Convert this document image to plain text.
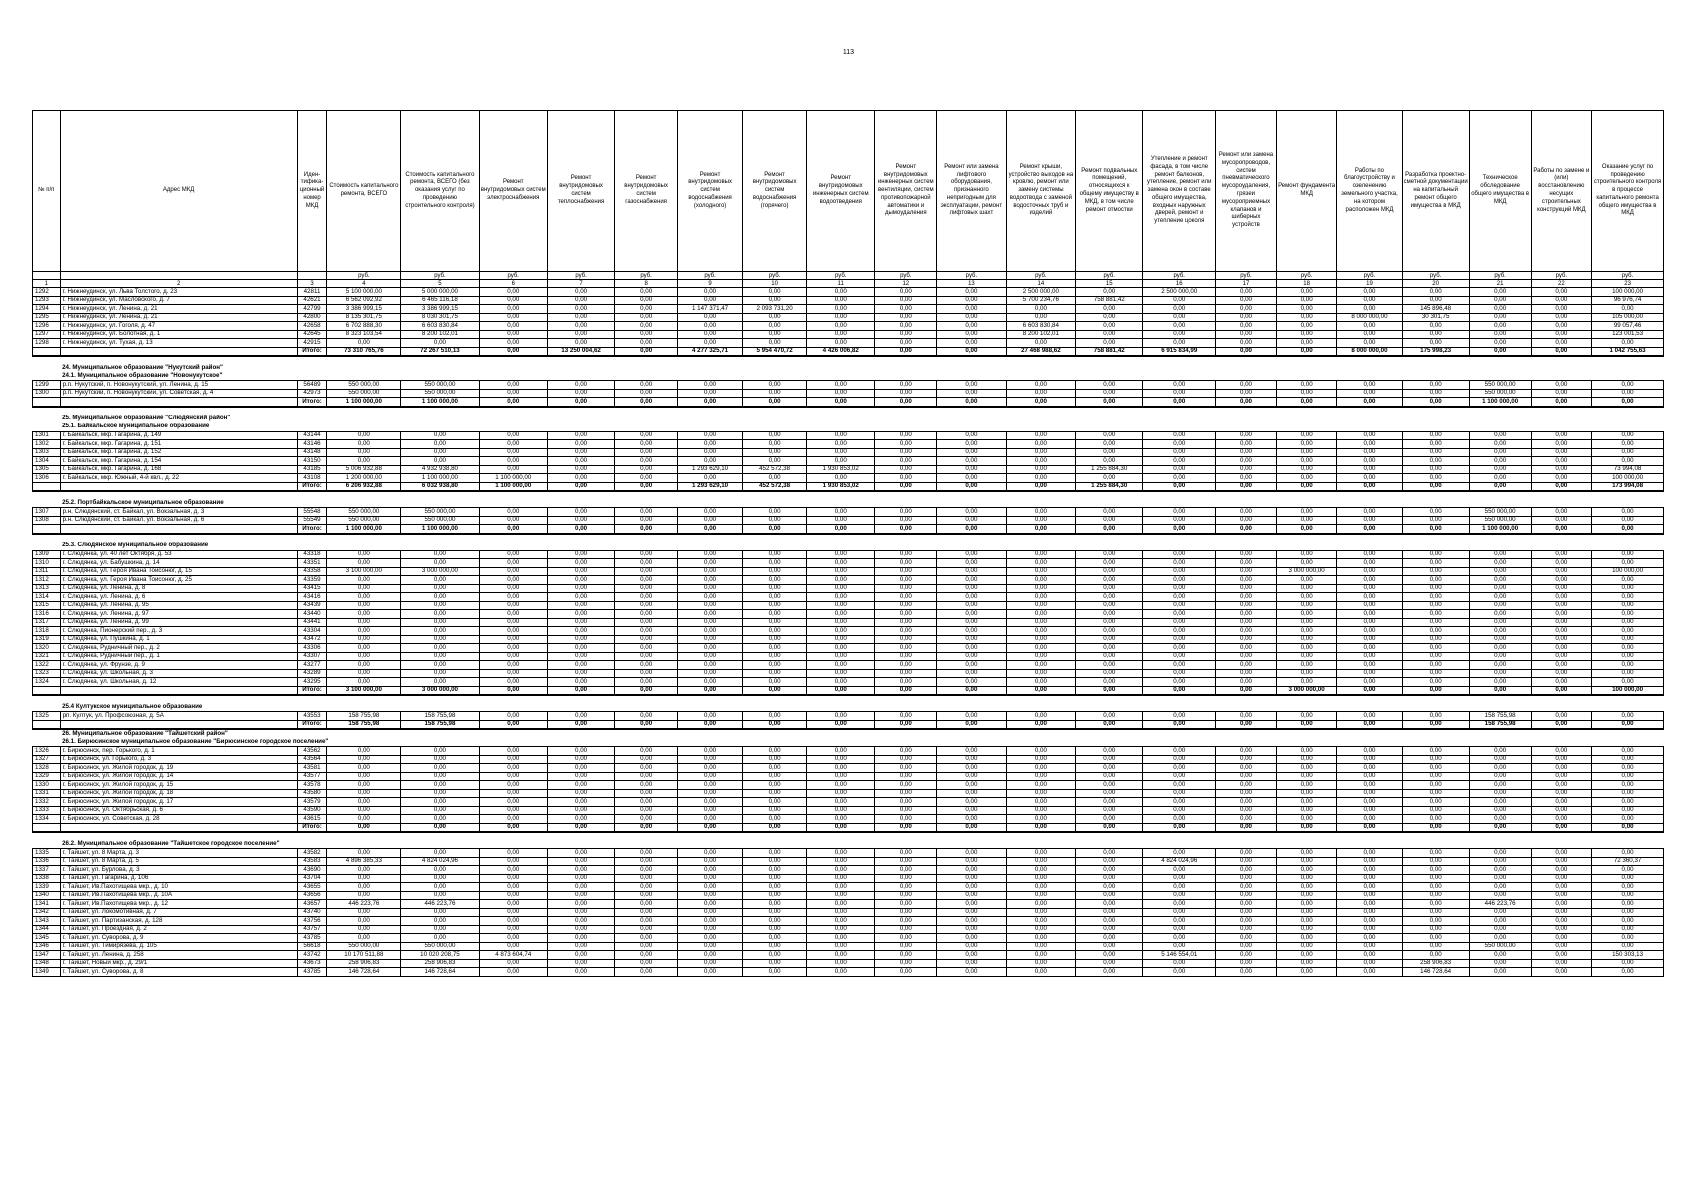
113
№ п/п	Адрес МКД	Идентификационный номер МКД	Стоимость капитального ремонта, ВСЕГО	Стоимость капитального ремонта, ВСЕГО (без оказания услуг по проведению строительного контроля)	Ремонт внутридомовых систем электроснабжения	Ремонт внутридомовых систем теплоснабжения	Ремонт внутридомовых систем газоснабжения	Ремонт внутридомовых систем водоснабжения (холодного)	Ремонт внутридомовых систем водоснабжения (горячего)	Ремонт внутридомовых инженерных систем водоотведения	Ремонт внутридомовых инженерных систем вентиляции, систем противопожарной автоматики и дымоудаления	Ремонт или замена лифтового оборудования, признанного непригодным для эксплуатации, ремонт лифтовых шахт	Ремонт крыши, устройство выходов на кровлю, ремонт или замену системы водоотвода с заменой водосточных труб и изделий	Ремонт подвальных помещений, относящихся к общему имуществу в МКД, в том числе ремонт отмостки	Утепление и ремонт фасада, в том числе ремонт балконов, утепление, ремонт или замена окон в составе общего имущества, входных наружных дверей, ремонт и утепление цоколя	Ремонт или замена мусоропроводов, систем пневматического мусороудаления, грязеи мусороприемных клапанов и шиберных устройств	Ремонт фундамента МКД	Работы по благоустройству и озеленению земельного участка, на котором расположен МКД	Разработка проектно-сметной документации на капитальный ремонт общего имущества в МКД	Техническое обследование общего имущества в МКД	Работы по замене и (или) восстановлению несущих строительных конструкций МКД	Оказание услуг по проведению строительного контроля в процессе капитального ремонта общего имущества в МКД
			руб.	руб.	руб.	руб.	руб.	руб.	руб.	руб.	руб.	руб.	руб.	руб.	руб.	руб.	руб.	руб.	руб.	руб.	руб.	руб.
1	2	3	4	5	6	7	8	9	10	11	12	13	14	15	16	17	18	19	20	21	22	23
1292	г. Нижнеудинск, ул. Льва Толстого, д. 23	42811	5 100 000,00	5 000 000,00	0,00	0,00	0,00	0,00	0,00	0,00	0,00	0,00	2 500 000,00	0,00	2 500 000,00	0,00	0,00	0,00	0,00	0,00	0,00	100 000,00
1293	г. Нижнеудинск, ул. Масловского, д. 7	42621	6 562 092,92	6 465 116,18	0,00	0,00	0,00	0,00	0,00	0,00	0,00	0,00	5 700 234,76	758 881,42	0,00	0,00	0,00	0,00	0,00	0,00	0,00	96 976,74
1294	г. Нижнеудинск, ул. Ленина, д. 21	42799	3 386 999,15	3 386 999,15	0,00	0,00	0,00	1 147 371,47	2 093 731,20	0,00	0,00	0,00	0,00	0,00	0,00	0,00	0,00	0,00	145 896,48	0,00	0,00	0,00
1295	г. Нижнеудинск, ул. Ленина, д. 21	42800	8 135 301,75	8 030 301,75	0,00	0,00	0,00	0,00	0,00	0,00	0,00	0,00	0,00	0,00	0,00	0,00	0,00	8 000 000,00	30 301,75	0,00	0,00	105 000,00
1296	г. Нижнеудинск, ул. Гоголя, д. 47	42658	6 702 888,30	6 603 830,84	0,00	0,00	0,00	0,00	0,00	0,00	0,00	0,00	6 603 830,84	0,00	0,00	0,00	0,00	0,00	0,00	0,00	0,00	99 057,46
1297	г. Нижнеудинск, ул. Болотная, д. 1	42645	8 323 103,54	8 200 102,01	0,00	0,00	0,00	0,00	0,00	0,00	0,00	0,00	8 200 102,01	0,00	0,00	0,00	0,00	0,00	0,00	0,00	0,00	123 001,53
1298	г. Нижнеудинск, ул. Тухая, д. 13	42915	0,00	0,00	0,00	0,00	0,00	0,00	0,00	0,00	0,00	0,00	0,00	0,00	0,00	0,00	0,00	0,00	0,00	0,00	0,00	0,00
		Итого:	73 310 765,76	72 267 510,13	0,00	13 250 004,62	0,00	4 277 325,71	5 954 470,72	4 426 006,82	0,00	0,00	27 468 988,62	758 881,42	6 915 834,99	0,00	0,00	8 000 000,00	175 998,23	0,00	0,00	1 042 755,63

	24. Муниципальное образование "Нукутский район"																					
	24.1. Муниципальное образование "Новонукутское"																					
1299	р.п. Нукутский, п. Новонукутский, ул. Ленина, д. 15	56489	550 000,00	550 000,00	0,00	0,00	0,00	0,00	0,00	0,00	0,00	0,00	0,00	0,00	0,00	0,00	0,00	0,00	0,00	550 000,00	0,00	0,00
1300	р.п. Нукутский, п. Новонукутский, ул. Советская, д. 4	42973	550 000,00	550 000,00	0,00	0,00	0,00	0,00	0,00	0,00	0,00	0,00	0,00	0,00	0,00	0,00	0,00	0,00	0,00	550 000,00	0,00	0,00
		Итого:	1 100 000,00	1 100 000,00	0,00	0,00	0,00	0,00	0,00	0,00	0,00	0,00	0,00	0,00	0,00	0,00	0,00	0,00	0,00	1 100 000,00	0,00	0,00

	25. Муниципальное образование "Слюдянский район"																					
	25.1. Байкальское муниципальное образование																					
1301	г. Байкальск, мкр. Гагарина, д. 149	43144	0,00	0,00	0,00	0,00	0,00	0,00	0,00	0,00	0,00	0,00	0,00	0,00	0,00	0,00	0,00	0,00	0,00	0,00	0,00	0,00
1302	г. Байкальск, мкр. Гагарина, д. 151	43146	0,00	0,00	0,00	0,00	0,00	0,00	0,00	0,00	0,00	0,00	0,00	0,00	0,00	0,00	0,00	0,00	0,00	0,00	0,00	0,00
1303	г. Байкальск, мкр. Гагарина, д. 152	43148	0,00	0,00	0,00	0,00	0,00	0,00	0,00	0,00	0,00	0,00	0,00	0,00	0,00	0,00	0,00	0,00	0,00	0,00	0,00	0,00
1304	г. Байкальск, мкр. Гагарина, д. 154	43150	0,00	0,00	0,00	0,00	0,00	0,00	0,00	0,00	0,00	0,00	0,00	0,00	0,00	0,00	0,00	0,00	0,00	0,00	0,00	0,00
1305	г. Байкальск, мкр. Гагарина, д. 168	43185	5 006 932,88	4 932 938,80	0,00	0,00	0,00	1 293 629,10	452 572,38	1 930 853,02	0,00	0,00	0,00	1 255 884,30	0,00	0,00	0,00	0,00	0,00	0,00	0,00	73 994,08
1306	г. Байкальск, мкр. Южный, 4-й квл., д. 22	43108	1 200 000,00	1 100 000,00	1 100 000,00	0,00	0,00	0,00	0,00	0,00	0,00	0,00	0,00	0,00	0,00	0,00	0,00	0,00	0,00	0,00	0,00	100 000,00
		Итого:	6 206 932,88	6 032 938,80	1 100 000,00	0,00	0,00	1 293 629,10	452 572,38	1 930 853,02	0,00	0,00	0,00	1 255 884,30	0,00	0,00	0,00	0,00	0,00	0,00	0,00	173 994,08

	25.2. Портбайкальское муниципальное образование																					
1307	р.н. Слюдянский, ст. Байкал, ул. Вокзальная, д. 3	55548	550 000,00	550 000,00	0,00	0,00	0,00	0,00	0,00	0,00	0,00	0,00	0,00	0,00	0,00	0,00	0,00	0,00	0,00	550 000,00	0,00	0,00
1308	р.н. Слюдянский, ст. Байкал, ул. Вокзальная, д. 6	55549	550 000,00	550 000,00	0,00	0,00	0,00	0,00	0,00	0,00	0,00	0,00	0,00	0,00	0,00	0,00	0,00	0,00	0,00	550 000,00	0,00	0,00
		Итого:	1 100 000,00	1 100 000,00	0,00	0,00	0,00	0,00	0,00	0,00	0,00	0,00	0,00	0,00	0,00	0,00	0,00	0,00	0,00	1 100 000,00	0,00	0,00

	25.3. Слюдянское муниципальное образование																					
1309	г. Слюдянка, ул. 40 лет Октября, д. 53	43318	0,00	0,00	0,00	0,00	0,00	0,00	0,00	0,00	0,00	0,00	0,00	0,00	0,00	0,00	0,00	0,00	0,00	0,00	0,00	0,00
1310	г. Слюдянка, ул. Бабушкина, д. 14	43351	0,00	0,00	0,00	0,00	0,00	0,00	0,00	0,00	0,00	0,00	0,00	0,00	0,00	0,00	0,00	0,00	0,00	0,00	0,00	0,00
1311	г. Слюдянка, ул. Героя Ивана Тоисонюг, д. 15	43358	3 100 000,00	3 000 000,00	0,00	0,00	0,00	0,00	0,00	0,00	0,00	0,00	0,00	0,00	0,00	0,00	3 000 000,00	0,00	0,00	0,00	0,00	100 000,00
1312	г. Слюдянка, ул. Героя Ивана Тоисонюг, д. 25	43359	0,00	0,00	0,00	0,00	0,00	0,00	0,00	0,00	0,00	0,00	0,00	0,00	0,00	0,00	0,00	0,00	0,00	0,00	0,00	0,00
1313	г. Слюдянка, ул. Ленина, д. 8	43415	0,00	0,00	0,00	0,00	0,00	0,00	0,00	0,00	0,00	0,00	0,00	0,00	0,00	0,00	0,00	0,00	0,00	0,00	0,00	0,00
1314	г. Слюдянка, ул. Ленина, д. 6	43416	0,00	0,00	0,00	0,00	0,00	0,00	0,00	0,00	0,00	0,00	0,00	0,00	0,00	0,00	0,00	0,00	0,00	0,00	0,00	0,00
1315	г. Слюдянка, ул. Ленина, д. 95	43439	0,00	0,00	0,00	0,00	0,00	0,00	0,00	0,00	0,00	0,00	0,00	0,00	0,00	0,00	0,00	0,00	0,00	0,00	0,00	0,00
1316	г. Слюдянка, ул. Ленина, д. 97	43440	0,00	0,00	0,00	0,00	0,00	0,00	0,00	0,00	0,00	0,00	0,00	0,00	0,00	0,00	0,00	0,00	0,00	0,00	0,00	0,00
1317	г. Слюдянка, ул. Ленина, д. 99	43441	0,00	0,00	0,00	0,00	0,00	0,00	0,00	0,00	0,00	0,00	0,00	0,00	0,00	0,00	0,00	0,00	0,00	0,00	0,00	0,00
1318	г. Слюдянка, Пионерский пер., д. 3	43304	0,00	0,00	0,00	0,00	0,00	0,00	0,00	0,00	0,00	0,00	0,00	0,00	0,00	0,00	0,00	0,00	0,00	0,00	0,00	0,00
1319	г. Слюдянка, ул. Пушкина, д. 1	43472	0,00	0,00	0,00	0,00	0,00	0,00	0,00	0,00	0,00	0,00	0,00	0,00	0,00	0,00	0,00	0,00	0,00	0,00	0,00	0,00
1320	г. Слюдянка, Рудничный пер., д. 2	43306	0,00	0,00	0,00	0,00	0,00	0,00	0,00	0,00	0,00	0,00	0,00	0,00	0,00	0,00	0,00	0,00	0,00	0,00	0,00	0,00
1321	г. Слюдянка, Рудничный пер., д. 1	43307	0,00	0,00	0,00	0,00	0,00	0,00	0,00	0,00	0,00	0,00	0,00	0,00	0,00	0,00	0,00	0,00	0,00	0,00	0,00	0,00
1322	г. Слюдянка, ул. Фрунзе, д. 9	43277	0,00	0,00	0,00	0,00	0,00	0,00	0,00	0,00	0,00	0,00	0,00	0,00	0,00	0,00	0,00	0,00	0,00	0,00	0,00	0,00
1323	г. Слюдянка, ул. Школьная, д. 3	43289	0,00	0,00	0,00	0,00	0,00	0,00	0,00	0,00	0,00	0,00	0,00	0,00	0,00	0,00	0,00	0,00	0,00	0,00	0,00	0,00
1324	г. Слюдянка, ул. Школьная, д. 12	43295	0,00	0,00	0,00	0,00	0,00	0,00	0,00	0,00	0,00	0,00	0,00	0,00	0,00	0,00	0,00	0,00	0,00	0,00	0,00	0,00
		Итого:	3 100 000,00	3 000 000,00	0,00	0,00	0,00	0,00	0,00	0,00	0,00	0,00	0,00	0,00	0,00	0,00	3 000 000,00	0,00	0,00	0,00	0,00	100 000,00

	25.4 Култукское муниципальное образование																					
1325	рп. Култук, ул. Профсоюзная, д. 5А	43553	158 755,98	158 755,98	0,00	0,00	0,00	0,00	0,00	0,00	0,00	0,00	0,00	0,00	0,00	0,00	0,00	0,00	0,00	158 755,98	0,00	0,00
		Итого:	158 755,98	158 755,98	0,00	0,00	0,00	0,00	0,00	0,00	0,00	0,00	0,00	0,00	0,00	0,00	0,00	0,00	0,00	158 755,98	0,00	0,00
	26. Муниципальное образование "Тайшетский район"																					
	26.1. Бирюсинское муниципальное образование "Бирюсинское городское поселение"																					
1326	г. Бирюсинск, пер. Горького, д. 1	43562	0,00	0,00	0,00	0,00	0,00	0,00	0,00	0,00	0,00	0,00	0,00	0,00	0,00	0,00	0,00	0,00	0,00	0,00	0,00	0,00
1327	г. Бирюсинск, ул. Горького, д. 3	43564	0,00	0,00	0,00	0,00	0,00	0,00	0,00	0,00	0,00	0,00	0,00	0,00	0,00	0,00	0,00	0,00	0,00	0,00	0,00	0,00
1328	г. Бирюсинск, ул. Жилой городок, д. 19	43581	0,00	0,00	0,00	0,00	0,00	0,00	0,00	0,00	0,00	0,00	0,00	0,00	0,00	0,00	0,00	0,00	0,00	0,00	0,00	0,00
1329	г. Бирюсинск, ул. Жилой городок, д. 14	43577	0,00	0,00	0,00	0,00	0,00	0,00	0,00	0,00	0,00	0,00	0,00	0,00	0,00	0,00	0,00	0,00	0,00	0,00	0,00	0,00
1330	г. Бирюсинск, ул. Жилой городок, д. 15	43578	0,00	0,00	0,00	0,00	0,00	0,00	0,00	0,00	0,00	0,00	0,00	0,00	0,00	0,00	0,00	0,00	0,00	0,00	0,00	0,00
1331	г. Бирюсинск, ул. Жилой городок, д. 18	43580	0,00	0,00	0,00	0,00	0,00	0,00	0,00	0,00	0,00	0,00	0,00	0,00	0,00	0,00	0,00	0,00	0,00	0,00	0,00	0,00
1332	г. Бирюсинск, ул. Жилой городок, д. 17	43579	0,00	0,00	0,00	0,00	0,00	0,00	0,00	0,00	0,00	0,00	0,00	0,00	0,00	0,00	0,00	0,00	0,00	0,00	0,00	0,00
1333	г. Бирюсинск, ул. Октябрьская, д. 6	43590	0,00	0,00	0,00	0,00	0,00	0,00	0,00	0,00	0,00	0,00	0,00	0,00	0,00	0,00	0,00	0,00	0,00	0,00	0,00	0,00
1334	г. Бирюсинск, ул. Советская, д. 28	43615	0,00	0,00	0,00	0,00	0,00	0,00	0,00	0,00	0,00	0,00	0,00	0,00	0,00	0,00	0,00	0,00	0,00	0,00	0,00	0,00
		Итого:	0,00	0,00	0,00	0,00	0,00	0,00	0,00	0,00	0,00	0,00	0,00	0,00	0,00	0,00	0,00	0,00	0,00	0,00	0,00	0,00

	26.2. Муниципальное образование "Тайшетское городское поселение"																					
1335	г. Тайшет, ул. 8 Марта, д. 3	43582	0,00	0,00	0,00	0,00	0,00	0,00	0,00	0,00	0,00	0,00	0,00	0,00	0,00	0,00	0,00	0,00	0,00	0,00	0,00	0,00
1336	г. Тайшет, ул. 8 Марта, д. 5	43583	4 896 385,33	4 824 024,96	0,00	0,00	0,00	0,00	0,00	0,00	0,00	0,00	0,00	0,00	4 824 024,96	0,00	0,00	0,00	0,00	0,00	0,00	72 360,37
1337	г. Тайшет, ул. Бурлова, д. 3	43690	0,00	0,00	0,00	0,00	0,00	0,00	0,00	0,00	0,00	0,00	0,00	0,00	0,00	0,00	0,00	0,00	0,00	0,00	0,00	0,00
1338	г. Тайшет, ул. Гагарина, д. 106	43704	0,00	0,00	0,00	0,00	0,00	0,00	0,00	0,00	0,00	0,00	0,00	0,00	0,00	0,00	0,00	0,00	0,00	0,00	0,00	0,00
1339	г. Тайшет, Ив.Пахотищева мкр., д. 10	43655	0,00	0,00	0,00	0,00	0,00	0,00	0,00	0,00	0,00	0,00	0,00	0,00	0,00	0,00	0,00	0,00	0,00	0,00	0,00	0,00
1340	г. Тайшет, Ив.Пахотищева мкр., д. 10А	43656	0,00	0,00	0,00	0,00	0,00	0,00	0,00	0,00	0,00	0,00	0,00	0,00	0,00	0,00	0,00	0,00	0,00	0,00	0,00	0,00
1341	г. Тайшет, Ив.Пахотищева мкр., д. 12	43657	446 223,76	446 223,76	0,00	0,00	0,00	0,00	0,00	0,00	0,00	0,00	0,00	0,00	0,00	0,00	0,00	0,00	0,00	446 223,76	0,00	0,00
1342	г. Тайшет, ул. Локомотивная, д. 7	43740	0,00	0,00	0,00	0,00	0,00	0,00	0,00	0,00	0,00	0,00	0,00	0,00	0,00	0,00	0,00	0,00	0,00	0,00	0,00	0,00
1343	г. Тайшет, ул. Партизанская, д. 128	43756	0,00	0,00	0,00	0,00	0,00	0,00	0,00	0,00	0,00	0,00	0,00	0,00	0,00	0,00	0,00	0,00	0,00	0,00	0,00	0,00
1344	г. Тайшет, ул. Проездная, д. 2	43757	0,00	0,00	0,00	0,00	0,00	0,00	0,00	0,00	0,00	0,00	0,00	0,00	0,00	0,00	0,00	0,00	0,00	0,00	0,00	0,00
1345	г. Тайшет, ул. Суворова, д. 9	43785	0,00	0,00	0,00	0,00	0,00	0,00	0,00	0,00	0,00	0,00	0,00	0,00	0,00	0,00	0,00	0,00	0,00	0,00	0,00	0,00
1346	г. Тайшет, ул. Тимирязева, д. 105	56618	550 000,00	550 000,00	0,00	0,00	0,00	0,00	0,00	0,00	0,00	0,00	0,00	0,00	0,00	0,00	0,00	0,00	0,00	550 000,00	0,00	0,00
1347	г. Тайшет, ул. Ленина, д. 258	43742	10 170 511,88	10 020 208,75	4 873 604,74	0,00	0,00	0,00	0,00	0,00	0,00	0,00	0,00	0,00	5 146 554,01	0,00	0,00	0,00	0,00	0,00	0,00	150 303,13
1348	г. Тайшет, Новый мкр., д. 29/1	43673	258 906,83	258 906,83	0,00	0,00	0,00	0,00	0,00	0,00	0,00	0,00	0,00	0,00	0,00	0,00	0,00	0,00	258 906,83	0,00	0,00	0,00
1349	г. Тайшет, ул. Суворова, д. 8	43785	146 728,64	146 728,64	0,00	0,00	0,00	0,00	0,00	0,00	0,00	0,00	0,00	0,00	0,00	0,00	0,00	0,00	146 728,64	0,00	0,00	0,00
